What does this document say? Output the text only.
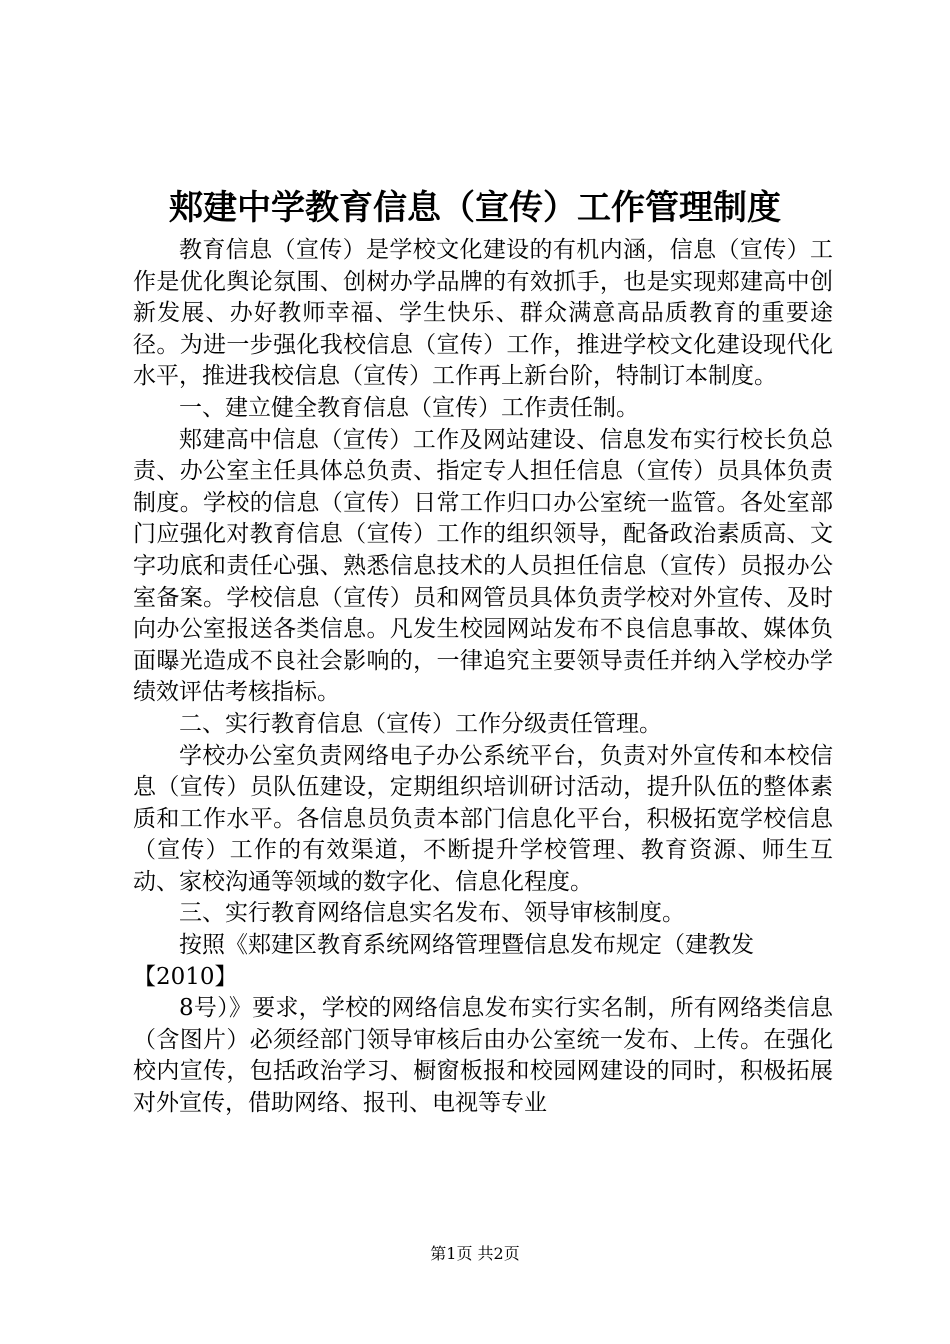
郏建中学教育信息（宣传）工作管理制度

教育信息（宣传）是学校文化建设的有机内涵，信息（宣传）工作是优化舆论氛围、创树办学品牌的有效抓手，也是实现郏建高中创新发展、办好教师幸福、学生快乐、群众满意高品质教育的重要途径。为进一步强化我校信息（宣传）工作，推进学校文化建设现代化水平，推进我校信息（宣传）工作再上新台阶，特制订本制度。

一、建立健全教育信息（宣传）工作责任制。

郏建高中信息（宣传）工作及网站建设、信息发布实行校长负总责、办公室主任具体总负责、指定专人担任信息（宣传）员具体负责制度。学校的信息（宣传）日常工作归口办公室统一监管。各处室部门应强化对教育信息（宣传）工作的组织领导，配备政治素质高、文字功底和责任心强、熟悉信息技术的人员担任信息（宣传）员报办公室备案。学校信息（宣传）员和网管员具体负责学校对外宣传、及时向办公室报送各类信息。凡发生校园网站发布不良信息事故、媒体负面曝光造成不良社会影响的，一律追究主要领导责任并纳入学校办学绩效评估考核指标。

二、实行教育信息（宣传）工作分级责任管理。

学校办公室负责网络电子办公系统平台，负责对外宣传和本校信息（宣传）员队伍建设，定期组织培训研讨活动，提升队伍的整体素质和工作水平。各信息员负责本部门信息化平台，积极拓宽学校信息（宣传）工作的有效渠道，不断提升学校管理、教育资源、师生互动、家校沟通等领域的数字化、信息化程度。

三、实行教育网络信息实名发布、领导审核制度。

按照《郏建区教育系统网络管理暨信息发布规定（建教发

【2010】

8号）》要求，学校的网络信息发布实行实名制，所有网络类信息（含图片）必须经部门领导审核后由办公室统一发布、上传。在强化校内宣传，包括政治学习、橱窗板报和校园网建设的同时，积极拓展对外宣传，借助网络、报刊、电视等专业

第1页 共2页
